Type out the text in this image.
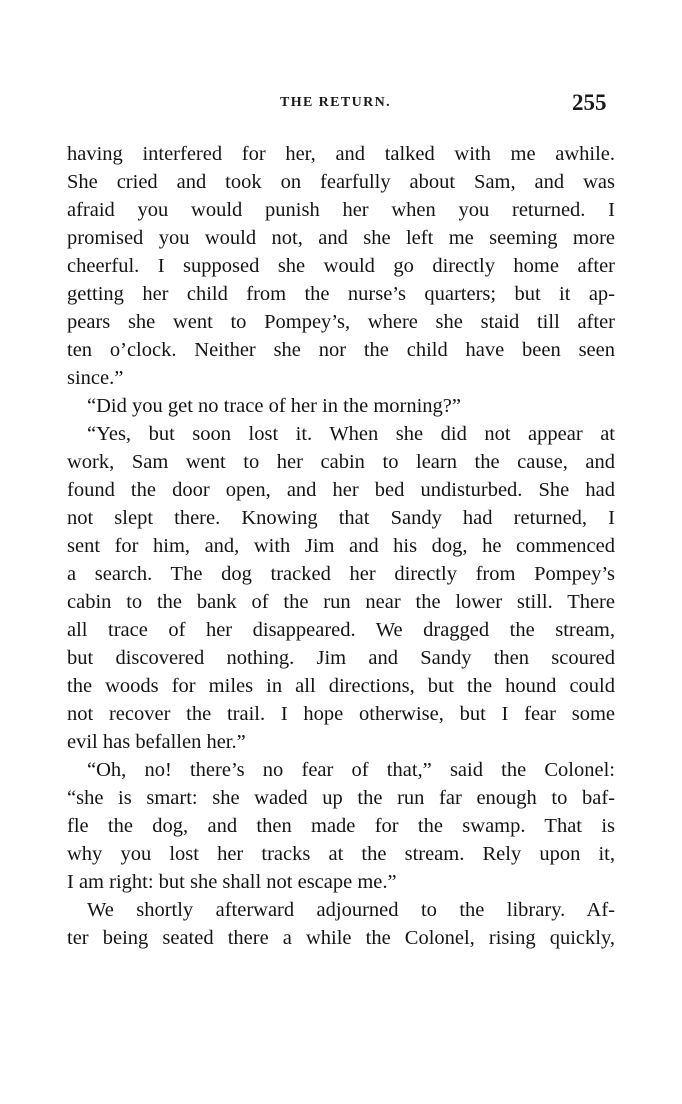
THE RETURN.	255
having interfered for her, and talked with me awhile.
She cried and took on fearfully about Sam, and was
afraid you would punish her when you returned. I
promised you would not, and she left me seeming more
cheerful. I supposed she would go directly home after
getting her child from the nurse’s quarters; but it ap-
pears she went to Pompey’s, where she staid till after
ten o’clock. Neither she nor the child have been seen
since.”
“Did you get no trace of her in the morning?”
“Yes, but soon lost it. When she did not appear at
work, Sam went to her cabin to learn the cause, and
found the door open, and her bed undisturbed. She had
not slept there. Knowing that Sandy had returned, I
sent for him, and, with Jim and his dog, he commenced
a search. The dog tracked her directly from Pompey’s
cabin to the bank of the run near the lower still. There
all trace of her disappeared. We dragged the stream,
but discovered nothing. Jim and Sandy then scoured
the woods for miles in all directions, but the hound could
not recover the trail. I hope otherwise, but I fear some
evil has befallen her.”
“Oh, no! there’s no fear of that,” said the Colonel:
“she is smart: she waded up the run far enough to baf-
fle the dog, and then made for the swamp. That is
why you lost her tracks at the stream. Rely upon it,
I am right: but she shall not escape me.”
We shortly afterward adjourned to the library. Af-
ter being seated there a while the Colonel, rising quickly,
